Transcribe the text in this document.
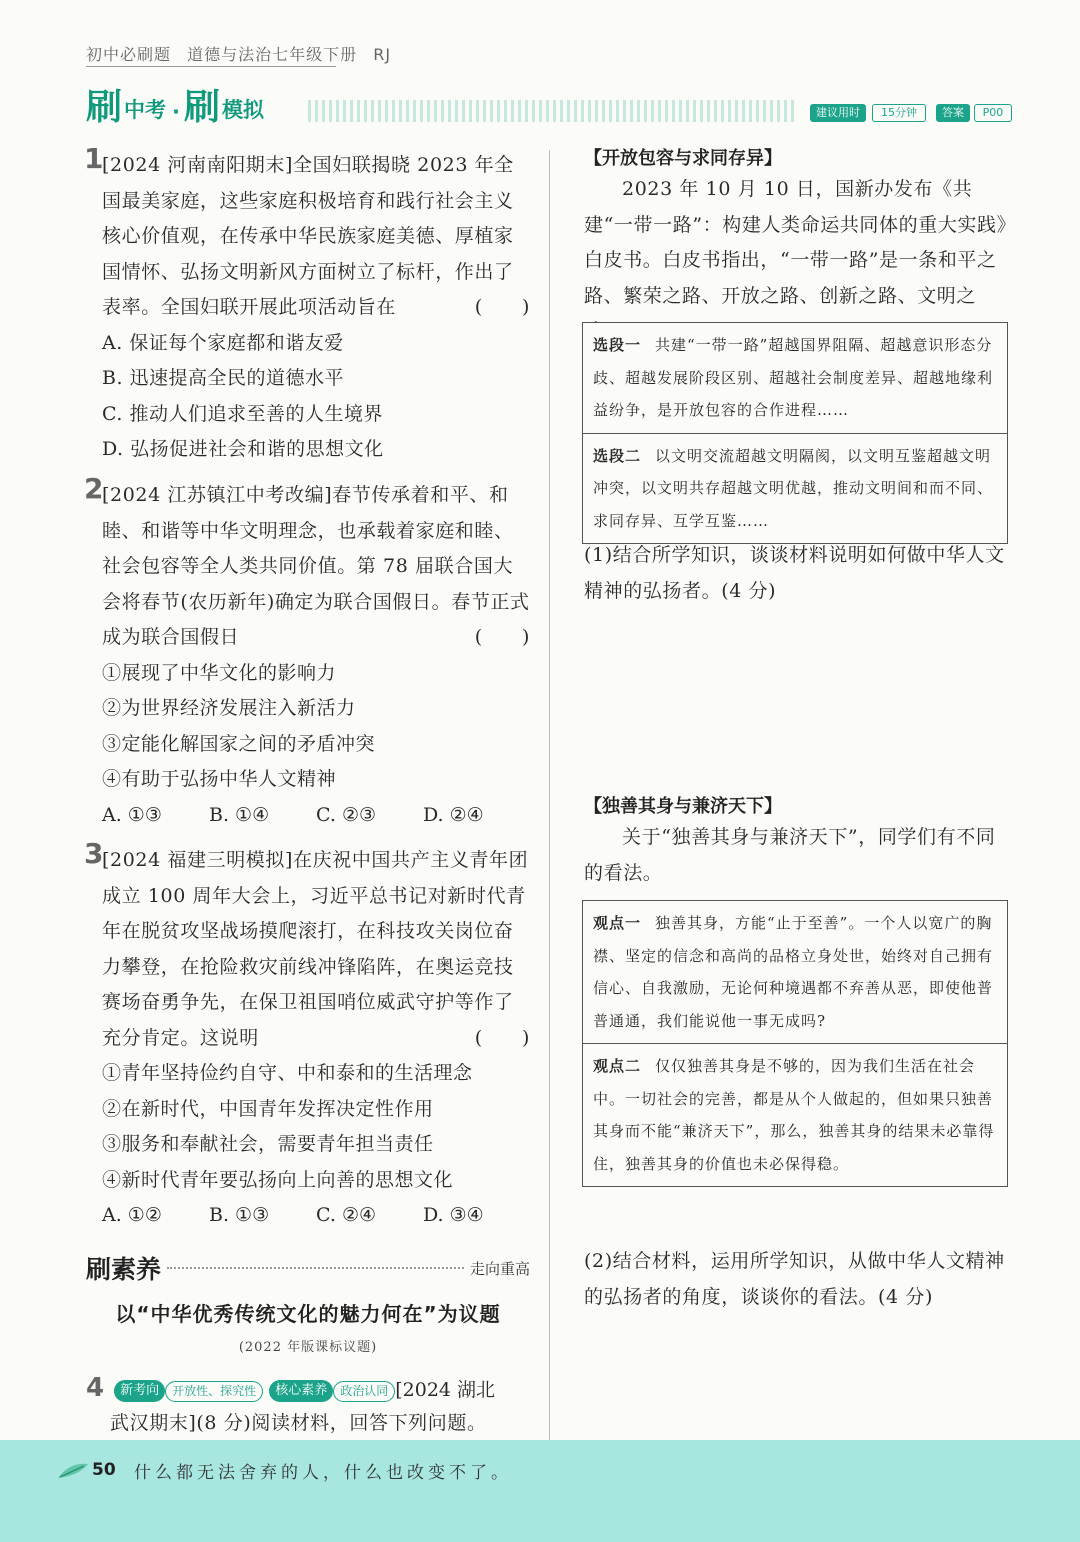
初中必刷题 道德与法治七年级下册 RJ
刷 中考 · 刷 模拟	建议用时	15分钟	答案	P00
1
[2024 河南南阳期末]全国妇联揭晓 2023 年全国最美家庭，这些家庭积极培育和践行社会主义核心价值观，在传承中华民族家庭美德、厚植家国情怀、弘扬文明新风方面树立了标杆，作出了表率。全国妇联开展此项活动旨在	(　　)
A. 保证每个家庭都和谐友爱
B. 迅速提高全民的道德水平
C. 推动人们追求至善的人生境界
D. 弘扬促进社会和谐的思想文化
2
[2024 江苏镇江中考改编]春节传承着和平、和睦、和谐等中华文明理念，也承载着家庭和睦、社会包容等全人类共同价值。第 78 届联合国大会将春节(农历新年)确定为联合国假日。春节正式成为联合国假日	(　　)
①展现了中华文化的影响力
②为世界经济发展注入新活力
③定能化解国家之间的矛盾冲突
④有助于弘扬中华人文精神
A. ①③	B. ①④	C. ②③	D. ②④
3
[2024 福建三明模拟]在庆祝中国共产主义青年团成立 100 周年大会上，习近平总书记对新时代青年在脱贫攻坚战场摸爬滚打，在科技攻关岗位奋力攀登，在抢险救灾前线冲锋陷阵，在奥运竞技赛场奋勇争先，在保卫祖国哨位威武守护等作了充分肯定。这说明	(　　)
①青年坚持俭约自守、中和泰和的生活理念
②在新时代，中国青年发挥决定性作用
③服务和奉献社会，需要青年担当责任
④新时代青年要弘扬向上向善的思想文化
A. ①②	B. ①③	C. ②④	D. ③④
刷素养	走向重高
以“中华优秀传统文化的魅力何在”为议题
(2022 年版课标议题)
4 新考向 开放性、探究性 核心素养 政治认同 [2024 湖北
武汉期末](8 分)阅读材料，回答下列问题。
【开放包容与求同存异】
2023 年 10 月 10 日，国新办发布《共建“一带一路”：构建人类命运共同体的重大实践》白皮书。白皮书指出，“一带一路”是一条和平之路、繁荣之路、开放之路、创新之路、文明之
选段一 共建“一带一路”超越国界阻隔、超越意识形态分歧、超越发展阶段区别、超越社会制度差异、超越地缘利益纷争，是开放包容的合作进程……
选段二 以文明交流超越文明隔阂，以文明互鉴超越文明冲突，以文明共存超越文明优越，推动文明间和而不同、求同存异、互学互鉴……
(1)结合所学知识，谈谈材料说明如何做中华人文精神的弘扬者。(4 分)
【独善其身与兼济天下】
关于“独善其身与兼济天下”，同学们有不同的看法。
观点一 独善其身，方能“止于至善”。一个人以宽广的胸襟、坚定的信念和高尚的品格立身处世，始终对自己拥有信心、自我激励，无论何种境遇都不弃善从恶，即使他普普通通，我们能说他一事无成吗?
观点二 仅仅独善其身是不够的，因为我们生活在社会中。一切社会的完善，都是从个人做起的，但如果只独善其身而不能“兼济天下”，那么，独善其身的结果未必靠得住，独善其身的价值也未必保得稳。
(2)结合材料，运用所学知识，从做中华人文精神的弘扬者的角度，谈谈你的看法。(4 分)
50 什么都无法舍弃的人，什么也改变不了。
